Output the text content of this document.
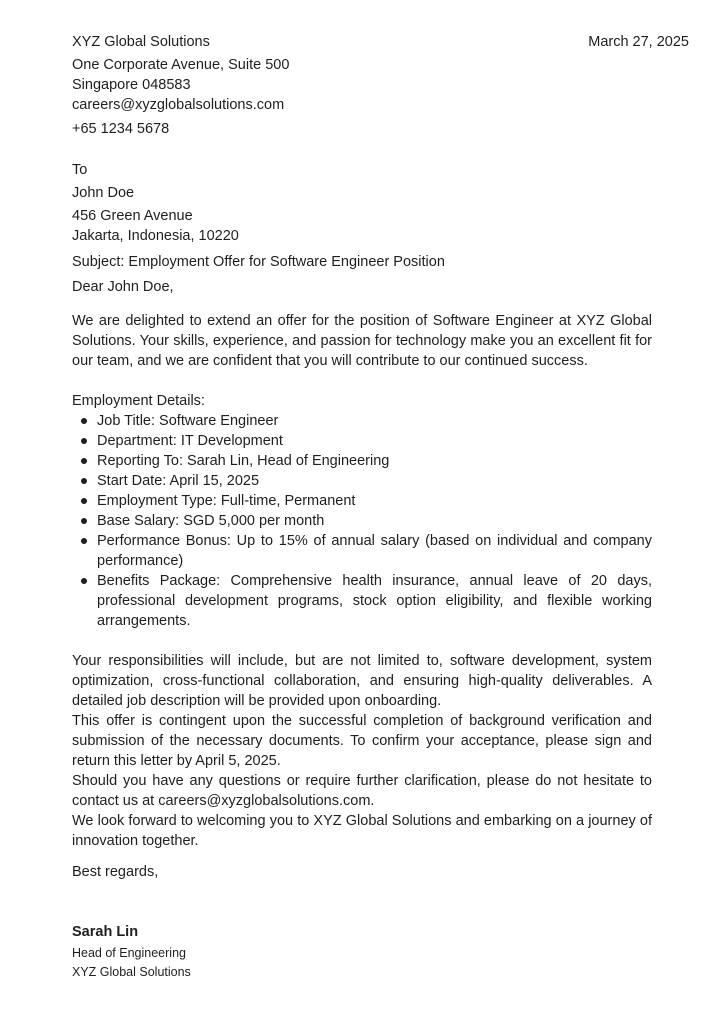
March 27, 2025
XYZ Global Solutions
One Corporate Avenue, Suite 500
Singapore 048583
careers@xyzglobalsolutions.com
+65 1234 5678
To
John Doe
456 Green Avenue
Jakarta, Indonesia, 10220
Subject: Employment Offer for Software Engineer Position
Dear John Doe,

We are delighted to extend an offer for the position of Software Engineer at XYZ Global Solutions. Your skills, experience, and passion for technology make you an excellent fit for our team, and we are confident that you will contribute to our continued success.

Employment Details:
Job Title: Software Engineer
Department: IT Development
Reporting To: Sarah Lin, Head of Engineering
Start Date: April 15, 2025
Employment Type: Full-time, Permanent
Base Salary: SGD 5,000 per month
Performance Bonus: Up to 15% of annual salary (based on individual and company performance)
Benefits Package: Comprehensive health insurance, annual leave of 20 days, professional development programs, stock option eligibility, and flexible working arrangements.

Your responsibilities will include, but are not limited to, software development, system optimization, cross-functional collaboration, and ensuring high-quality deliverables. A detailed job description will be provided upon onboarding.

This offer is contingent upon the successful completion of background verification and submission of the necessary documents. To confirm your acceptance, please sign and return this letter by April 5, 2025.

Should you have any questions or require further clarification, please do not hesitate to contact us at careers@xyzglobalsolutions.com.

We look forward to welcoming you to XYZ Global Solutions and embarking on a journey of innovation together.

Best regards,
Sarah Lin
Head of Engineering
XYZ Global Solutions
